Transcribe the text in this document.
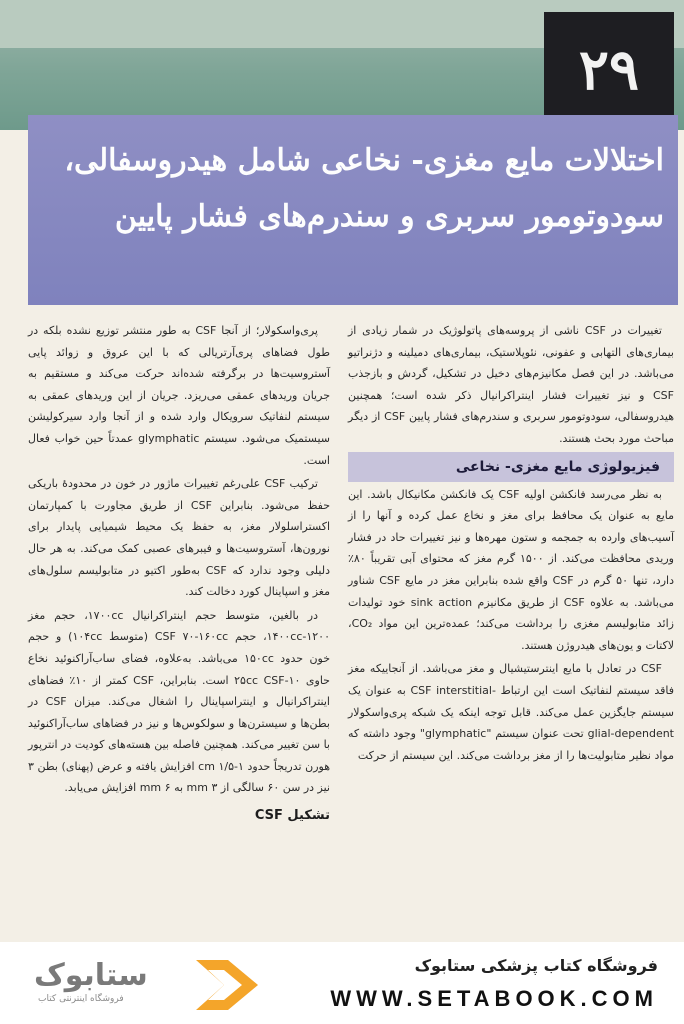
۲۹
اختلالات مایع مغزی- نخاعی شامل هیدروسفالی،
سودوتومور سربری و سندرم‌های فشار پایین

تغییرات در CSF ناشی از پروسه‌های پاتولوژیک در شمار زیادی از بیماری‌های التهابی و عفونی، نئوپلاستیک، بیماری‌های دمیلینه و دژنراتیو می‌باشد. در این فصل مکانیزم‌های دخیل در تشکیل، گردش و بازجذب CSF و نیز تغییرات فشار اینتراکرانیال ذکر شده است؛ همچنین هیدروسفالی، سودوتومور سربری و سندرم‌های فشار پایین CSF از دیگر مباحث مورد بحث هستند.

فیزیولوژی مایع مغزی- نخاعی

به نظر می‌رسد فانکشن اولیه CSF یک فانکشن مکانیکال باشد. این مایع به عنوان یک محافظ برای مغز و نخاع عمل کرده و آنها را از آسیب‌های وارده به جمجمه و ستون مهره‌ها و نیز تغییرات حاد در فشار وریدی محافظت می‌کند. از ۱۵۰۰ گرم مغز که محتوای آبی تقریباً ۸۰٪ دارد، تنها ۵۰ گرم در CSF واقع شده بنابراین مغز در مایع CSF شناور می‌باشد. به علاوه CSF از طریق مکانیزم sink action خود تولیدات زائد متابولیسم مغزی را برداشت می‌کند؛ عمده‌ترین این مواد CO₂، لاکتات و یون‌های هیدروژن هستند.

CSF در تعادل با مایع اینترستیشیال و مغز می‌باشد. از آنجاییکه مغز فاقد سیستم لنفاتیک است این ارتباط -CSF interstitial به عنوان یک سیستم جایگزین عمل می‌کند. قابل توجه اینکه یک شبکه پری‌واسکولار glial-dependent تحت عنوان سیستم "glymphatic" وجود داشته که مواد نظیر متابولیت‌ها را از مغز برداشت می‌کند. این سیستم از حرکت

پری‌واسکولار؛ از آنجا CSF به طور منتشر توزیع نشده بلکه در طول فضاهای پری‌آرتریالی که با این عروق و زوائد پایی آستروسیت‌ها در برگرفته شده‌اند حرکت می‌کند و مستقیم به جریان وریدهای عمقی می‌ریزد. جریان از این وریدهای عمقی به سیستم لنفاتیک سرویکال وارد شده و از آنجا وارد سیرکولیشن سیستمیک می‌شود. سیستم glymphatic عمدتاً حین خواب فعال است.

ترکیب CSF علی‌رغم تغییرات ماژور در خون در محدودهٔ باریکی حفظ می‌شود. بنابراین CSF از طریق مجاورت با کمپارتمان اکسترا‌سلولار مغز، به حفظ یک محیط شیمیایی پایدار برای نورون‌ها، آستروسیت‌ها و فیبرهای عصبی کمک می‌کند. به هر حال دلیلی وجود ندارد که CSF به‌طور اکتیو در متابولیسم سلول‌های مغز و اسپاینال کورد دخالت کند.

در بالغین، متوسط حجم اینتراکرانیال ۱۷۰۰cc، حجم مغز ۱۴۰۰cc-۱۲۰۰، حجم CSF ۷۰-۱۶۰cc (متوسط ۱۰۴cc) و حجم خون حدود ۱۵۰cc می‌باشد. به‌علاوه، فضای ساب‌آراکنوئید نخاع حاوی ۱۰-۲۵cc CSF است. بنابراین، CSF کمتر از ۱۰٪ فضاهای اینتراکرانیال و اینتراسپاینال را اشغال می‌کند. میزان CSF در بطن‌ها و سیسترن‌ها و سولکوس‌ها و نیز در فضاهای ساب‌آراکنوئید با سن تغییر می‌کند. همچنین فاصله بین هسته‌های کودیت در انترپور هورن تدریجاً حدود ۱-۱/۵ cm افزایش یافته و عرض (پهنای) بطن ۳ نیز در سن ۶۰ سالگی از ۳ mm به ۶ mm افزایش می‌یابد.

تشکیل CSF
ستابوک
فروشگاه اینترنتی کتاب
فروشگاه کتاب پزشکی ستابوک
WWW.SETABOOK.COM
